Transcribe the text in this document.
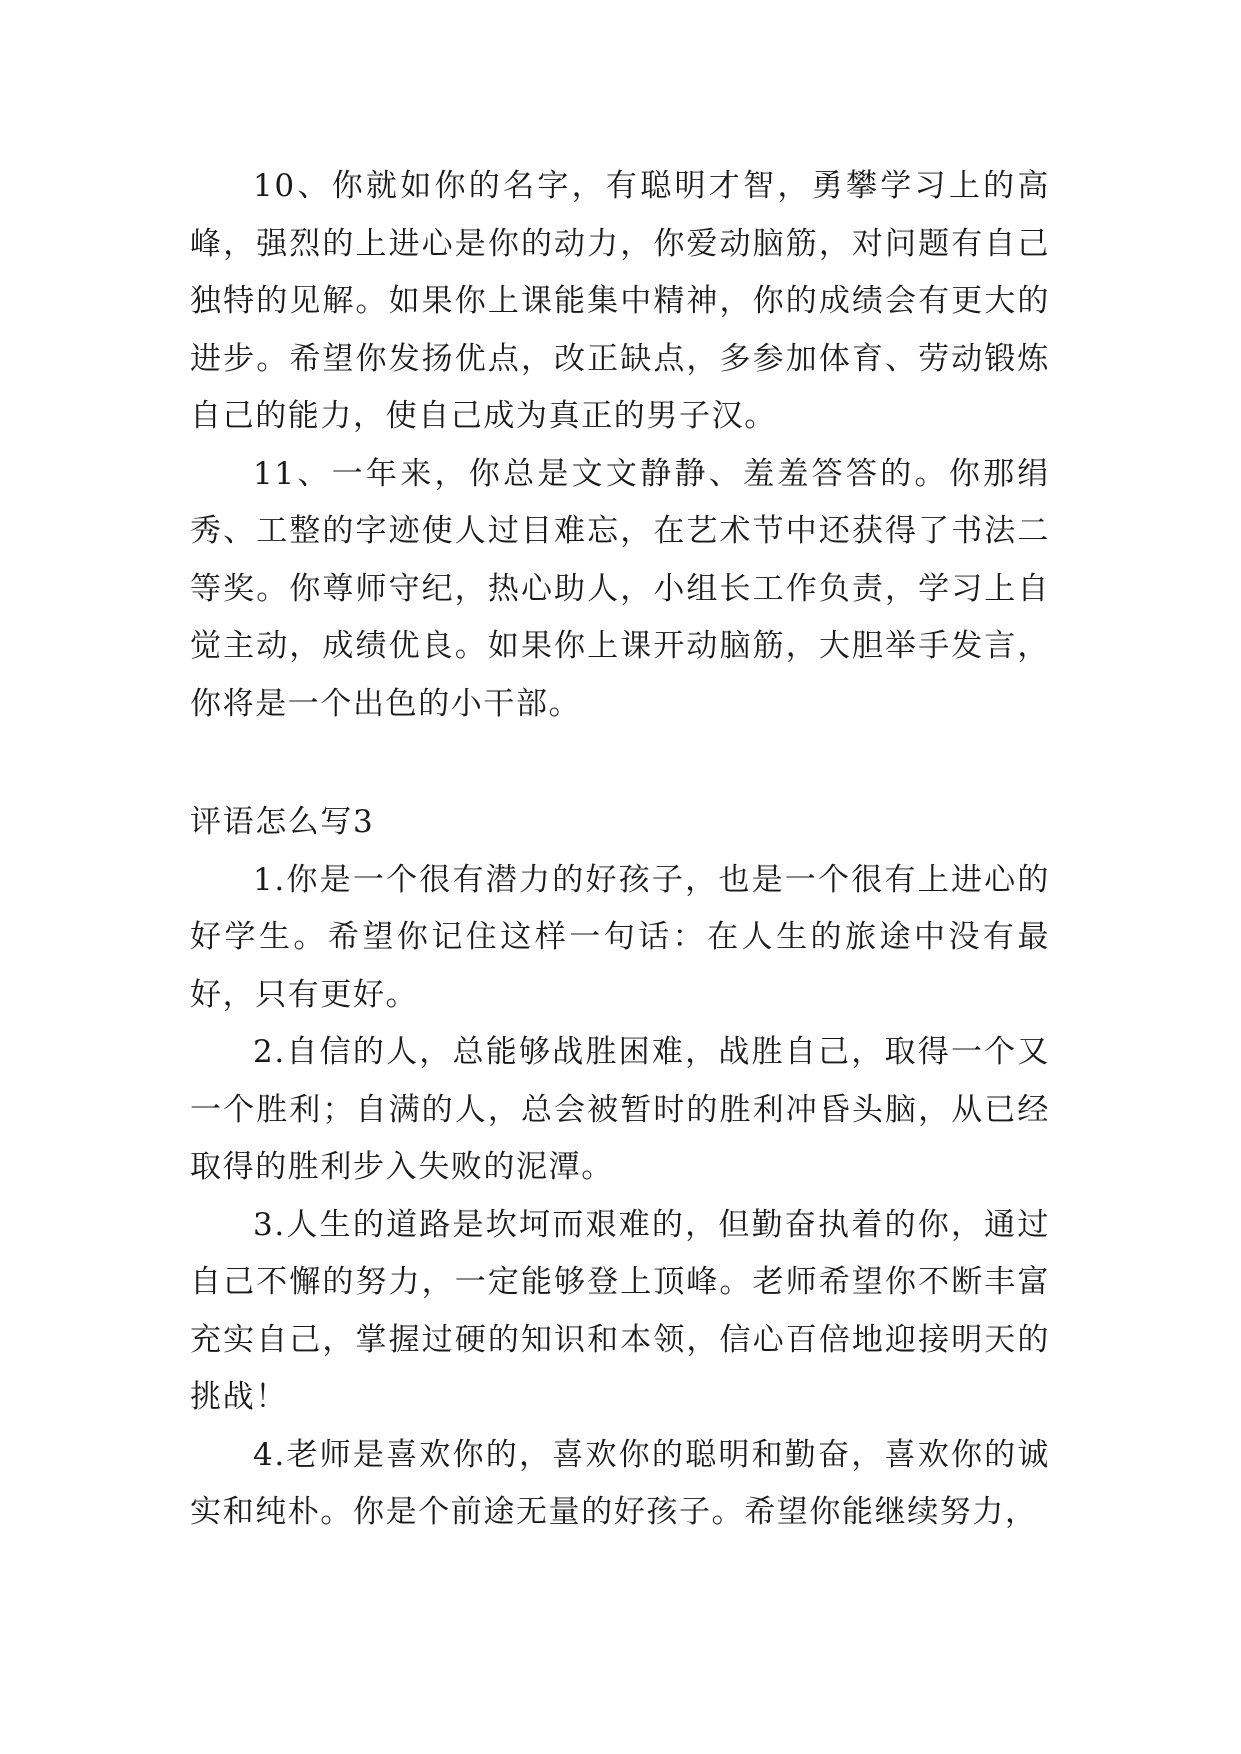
10、你就如你的名字，有聪明才智，勇攀学习上的高峰，强烈的上进心是你的动力，你爱动脑筋，对问题有自己独特的见解。如果你上课能集中精神，你的成绩会有更大的进步。希望你发扬优点，改正缺点，多参加体育、劳动锻炼自己的能力，使自己成为真正的男子汉。

11、一年来，你总是文文静静、羞羞答答的。你那绢秀、工整的字迹使人过目难忘，在艺术节中还获得了书法二等奖。你尊师守纪，热心助人，小组长工作负责，学习上自觉主动，成绩优良。如果你上课开动脑筋，大胆举手发言，你将是一个出色的小干部。

评语怎么写3

1.你是一个很有潜力的好孩子，也是一个很有上进心的好学生。希望你记住这样一句话：在人生的旅途中没有最好，只有更好。

2.自信的人，总能够战胜困难，战胜自己，取得一个又一个胜利；自满的人，总会被暂时的胜利冲昏头脑，从已经取得的胜利步入失败的泥潭。

3.人生的道路是坎坷而艰难的，但勤奋执着的你，通过自己不懈的努力，一定能够登上顶峰。老师希望你不断丰富充实自己，掌握过硬的知识和本领，信心百倍地迎接明天的挑战！

4.老师是喜欢你的，喜欢你的聪明和勤奋，喜欢你的诚实和纯朴。你是个前途无量的好孩子。希望你能继续努力，
